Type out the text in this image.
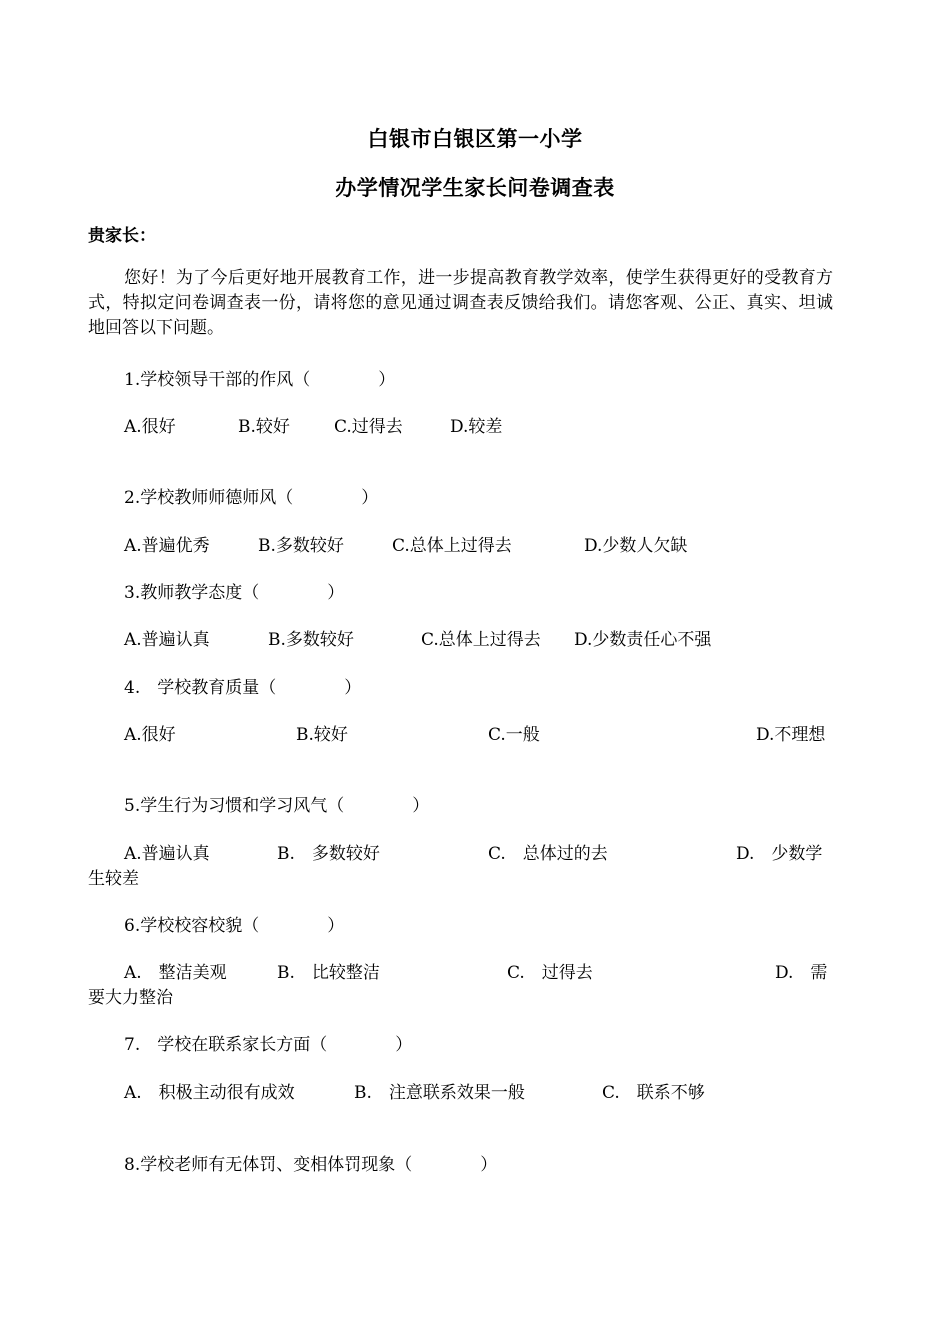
白银市白银区第一小学
办学情况学生家长问卷调查表
贵家长：
您好！为了今后更好地开展教育工作，进一步提高教育教学效率，使学生获得更好的受教育方式，特拟定问卷调查表一份，请将您的意见通过调查表反馈给我们。请您客观、公正、真实、坦诚地回答以下问题。
1.学校领导干部的作风（　　　　）
A.很好	B.较好	C.过得去	D.较差
2.学校教师师德师风（　　　　）
A.普遍优秀	B.多数较好	C.总体上过得去	D.少数人欠缺
3.教师教学态度（　　　　）
A.普遍认真	B.多数较好	C.总体上过得去 D.少数责任心不强
4.　学校教育质量（　　　　）
A.很好	B.较好	C.一般	D.不理想
5.学生行为习惯和学习风气（　　　　）
A.普遍认真	B.　多数较好	C.　总体过的去	D.　少数学
生较差
6.学校校容校貌（　　　　）
A.　整洁美观	B.　比较整洁	C.　过得去	D.　需
要大力整治
7.　学校在联系家长方面（　　　　）
A.　积极主动很有成效	B.　注意联系效果一般	C.　联系不够
8.学校老师有无体罚、变相体罚现象（　　　　）
